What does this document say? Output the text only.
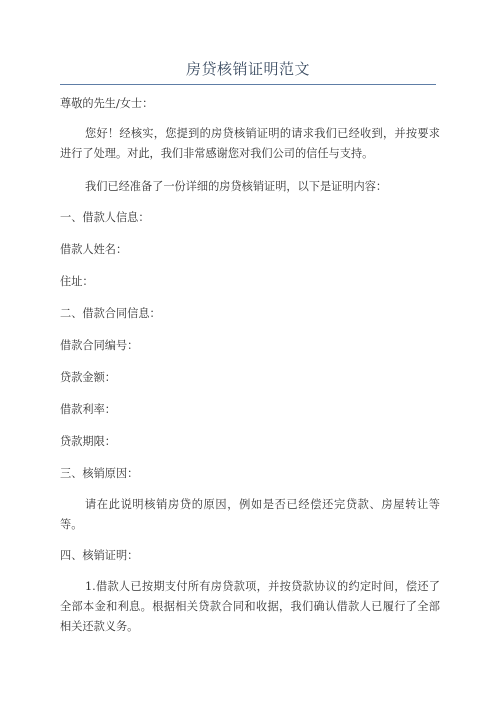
房贷核销证明范文
尊敬的先生/女士：
您好！经核实，您提到的房贷核销证明的请求我们已经收到，并按要求进行了处理。对此，我们非常感谢您对我们公司的信任与支持。
我们已经准备了一份详细的房贷核销证明，以下是证明内容：
一、借款人信息：
借款人姓名：
住址：
二、借款合同信息：
借款合同编号：
贷款金额：
借款利率：
贷款期限：
三、核销原因：
请在此说明核销房贷的原因，例如是否已经偿还完贷款、房屋转让等等。
四、核销证明：
1.借款人已按期支付所有房贷款项，并按贷款协议的约定时间，偿还了全部本金和利息。根据相关贷款合同和收据，我们确认借款人已履行了全部相关还款义务。
